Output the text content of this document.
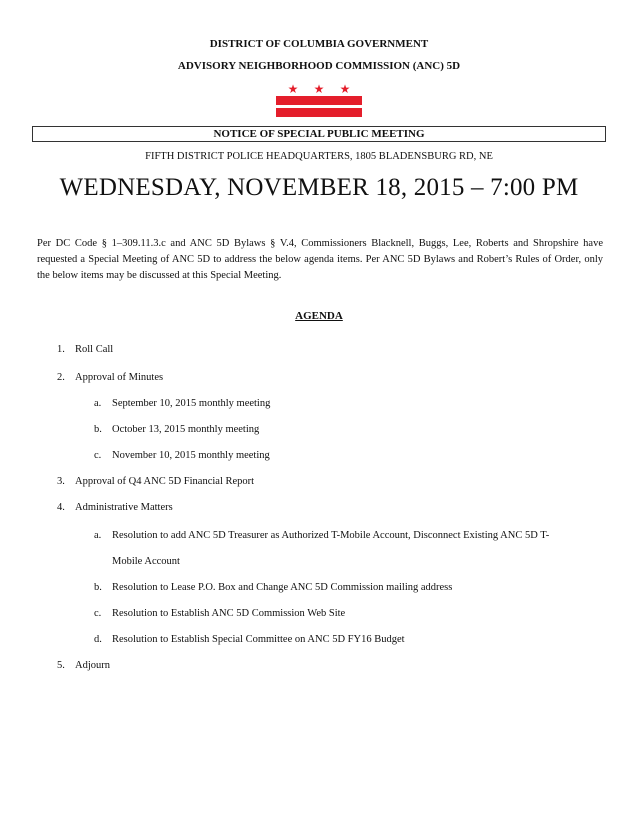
DISTRICT OF COLUMBIA GOVERNMENT
ADVISORY NEIGHBORHOOD COMMISSION (ANC) 5D
★ ★ ★
NOTICE OF SPECIAL PUBLIC MEETING
FIFTH DISTRICT POLICE HEADQUARTERS, 1805 BLADENSBURG RD, NE
WEDNESDAY, NOVEMBER 18, 2015 – 7:00 PM
Per DC Code § 1–309.11.3.c and ANC 5D Bylaws § V.4, Commissioners Blacknell, Buggs, Lee, Roberts and Shropshire have requested a Special Meeting of ANC 5D to address the below agenda items. Per ANC 5D Bylaws and Robert’s Rules of Order, only the below items may be discussed at this Special Meeting.
AGENDA
1. Roll Call
2. Approval of Minutes
a. September 10, 2015 monthly meeting
b. October 13, 2015 monthly meeting
c. November 10, 2015 monthly meeting
3. Approval of Q4 ANC 5D Financial Report
4. Administrative Matters
a. Resolution to add ANC 5D Treasurer as Authorized T-Mobile Account, Disconnect Existing ANC 5D T-
Mobile Account
b. Resolution to Lease P.O. Box and Change ANC 5D Commission mailing address
c. Resolution to Establish ANC 5D Commission Web Site
d. Resolution to Establish Special Committee on ANC 5D FY16 Budget
5. Adjourn
